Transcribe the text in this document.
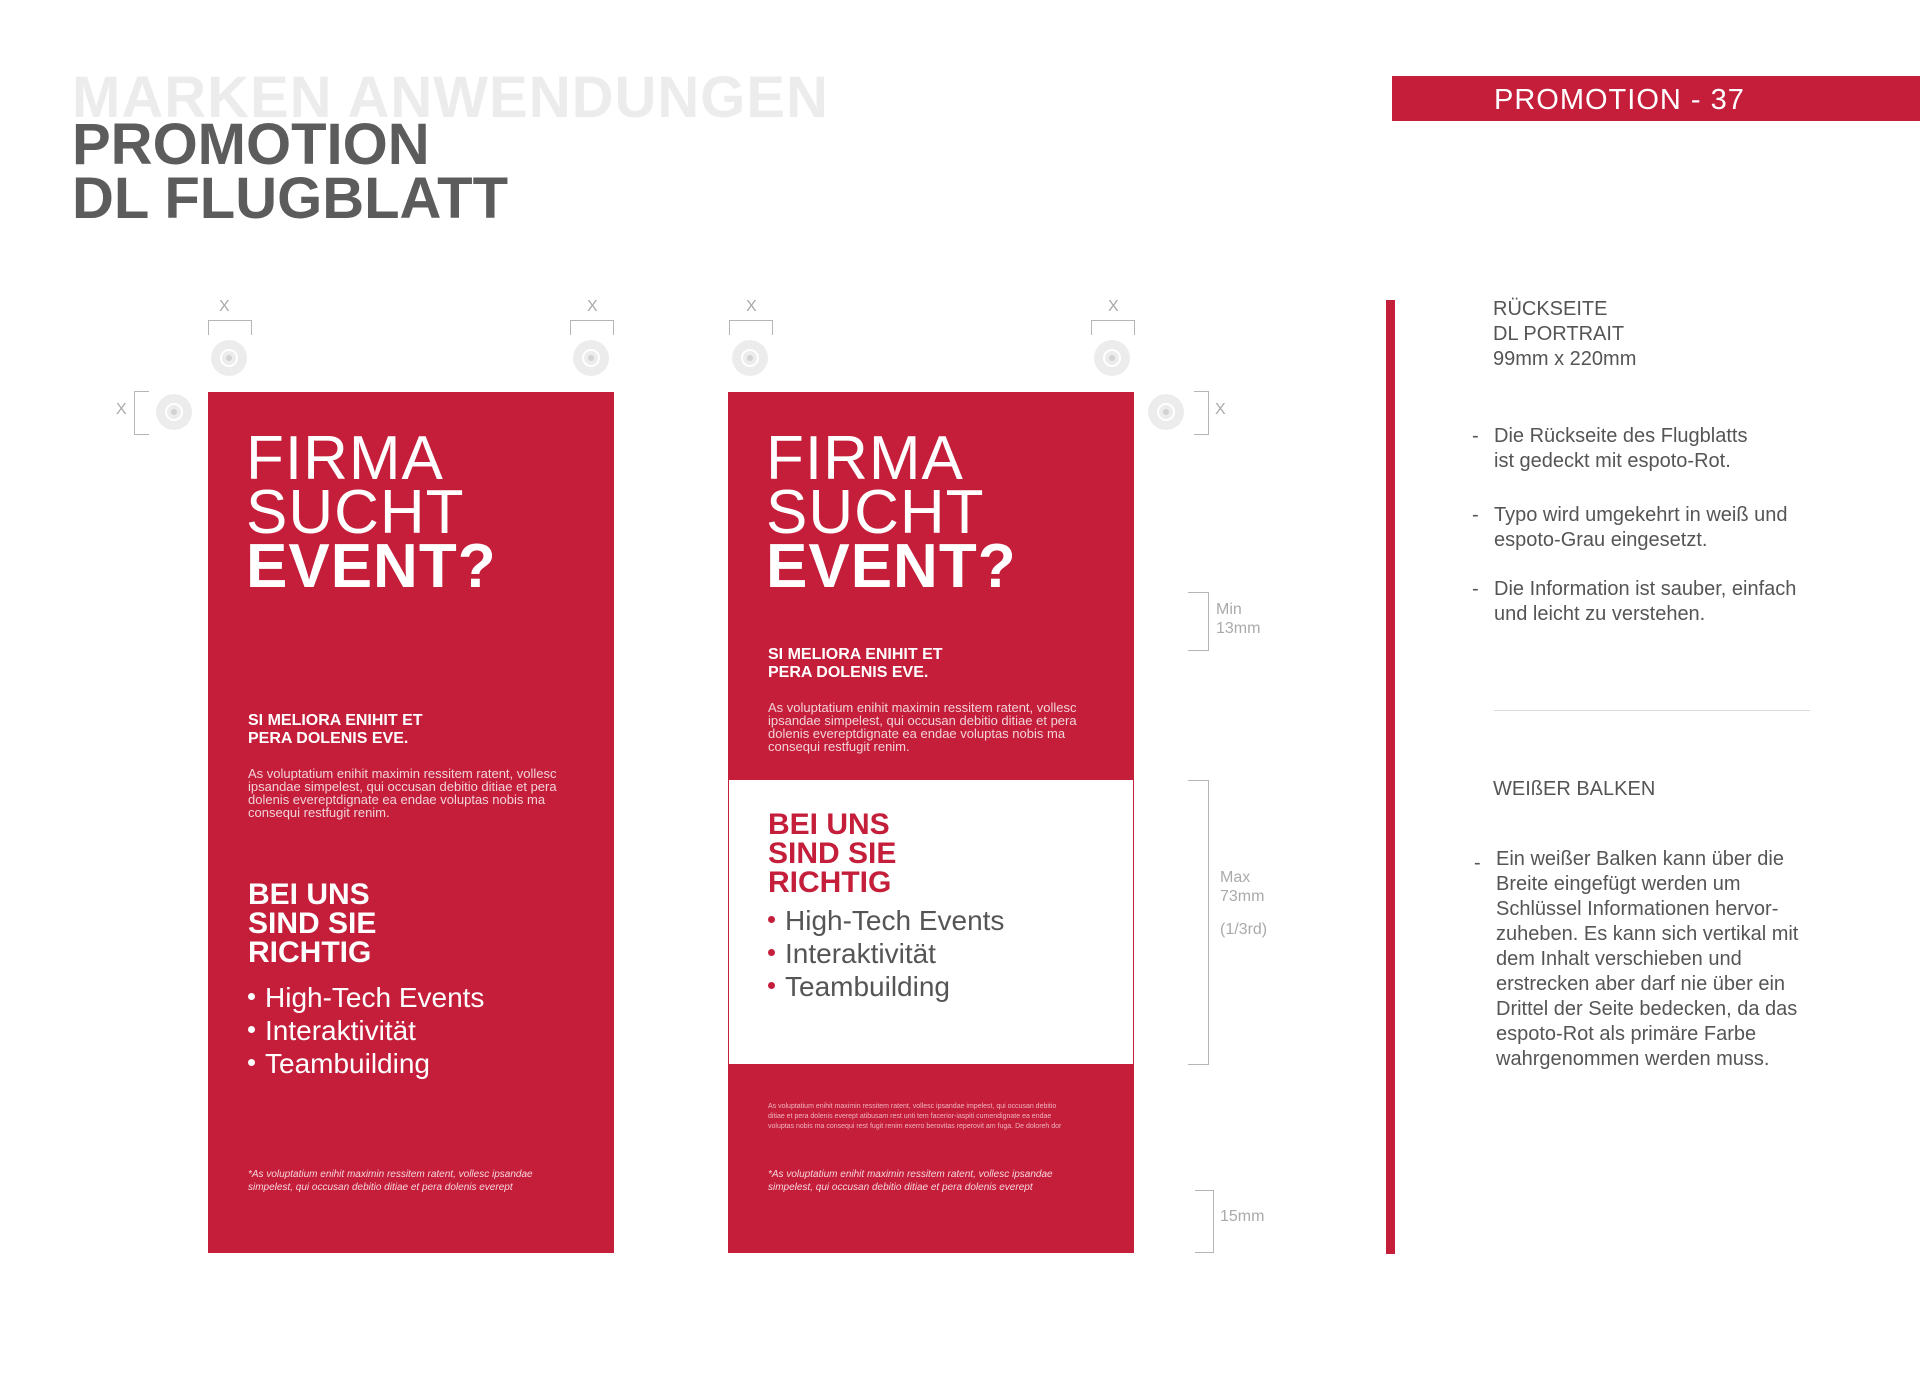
MARKEN ANWENDUNGEN
PROMOTION
DL FLUGBLATT
PROMOTION - 37
X	X
X
FIRMA
SUCHT
EVENT?
SI MELIORA ENIHIT ET
PERA DOLENIS EVE.
As voluptatium enihit maximin ressitem ratent, vollesc ipsandae simpelest, qui occusan debitio ditiae et pera dolenis evereptdignate ea endae voluptas nobis ma consequi restfugit renim.
BEI UNS
SIND SIE
RICHTIG
High-Tech Events
Interaktivität
Teambuilding
*As voluptatium enihit maximin ressitem ratent, vollesc ipsandae simpelest, qui occusan debitio ditiae et pera dolenis everept
X	X
X
FIRMA
SUCHT
EVENT?
SI MELIORA ENIHIT ET
PERA DOLENIS EVE.
As voluptatium enihit maximin ressitem ratent, vollesc ipsandae simpelest, qui occusan debitio ditiae et pera dolenis evereptdignate ea endae voluptas nobis ma consequi restfugit renim.
BEI UNS
SIND SIE
RICHTIG
High-Tech Events
Interaktivität
Teambuilding
As voluptatium enihit maximin ressitem ratent, vollesc ipsandae impelest, qui occusan debitio ditiae et pera dolenis everept atibusam rest unti tem facerior-iaspiti cumendignate ea endae voluptas nobis ma consequi rest fugit renim exerro berovitas reperovit am fuga. De doloreh dor
*As voluptatium enihit maximin ressitem ratent, vollesc ipsandae simpelest, qui occusan debitio ditiae et pera dolenis everept
Min
13mm
Max
73mm
(1/3rd)
15mm
RÜCKSEITE
DL PORTRAIT
99mm x 220mm
- Die Rückseite des Flugblatts
ist gedeckt mit espoto-Rot.
- Typo wird umgekehrt in weiß und
espoto-Grau eingesetzt.
- Die Information ist sauber, einfach
und leicht zu verstehen.
WEIßER BALKEN
- Ein weißer Balken kann über die
Breite eingefügt werden um
Schlüssel Informationen hervor-
zuheben. Es kann sich vertikal mit
dem Inhalt verschieben und
erstrecken aber darf nie über ein
Drittel der Seite bedecken, da das
espoto-Rot als primäre Farbe
wahrgenommen werden muss.
